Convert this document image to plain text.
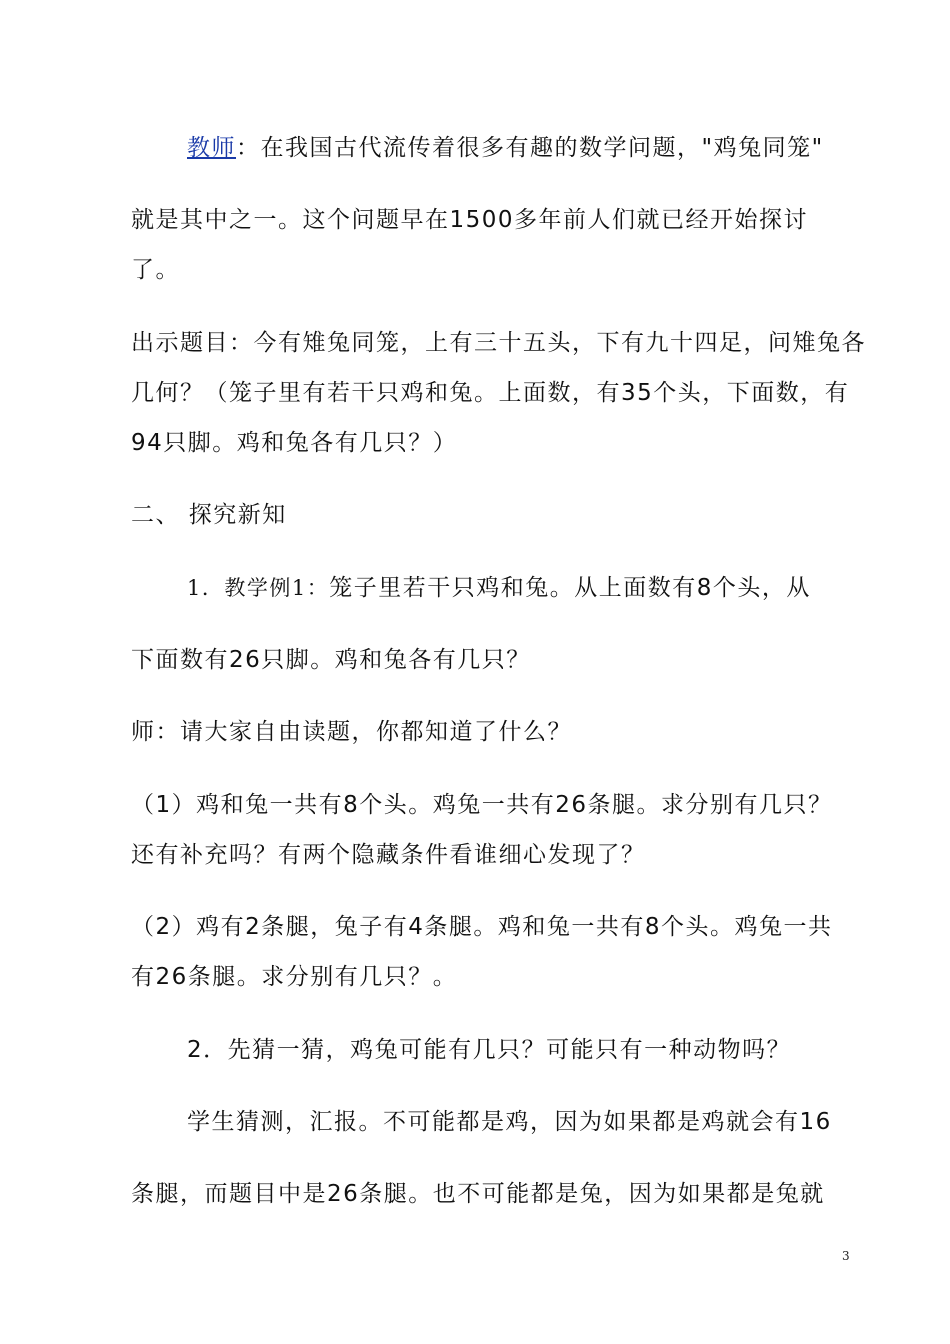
教师：在我国古代流传着很多有趣的数学问题，"鸡兔同笼"
就是其中之一。这个问题早在1500多年前人们就已经开始探讨
了。
出示题目：今有雉兔同笼，上有三十五头，下有九十四足，问雉兔各
几何？（笼子里有若干只鸡和兔。上面数，有35个头，下面数，有
94只脚。鸡和兔各有几只？）
二、 探究新知
1．教学例1：笼子里若干只鸡和兔。从上面数有8个头，从
下面数有26只脚。鸡和兔各有几只？
师：请大家自由读题，你都知道了什么？
（1）鸡和兔一共有8个头。鸡兔一共有26条腿。求分别有几只？
还有补充吗？有两个隐藏条件看谁细心发现了？
（2）鸡有2条腿，兔子有4条腿。鸡和兔一共有8个头。鸡兔一共
有26条腿。求分别有几只？。
2．先猜一猜，鸡兔可能有几只？可能只有一种动物吗？
学生猜测，汇报。不可能都是鸡，因为如果都是鸡就会有16
条腿，而题目中是26条腿。也不可能都是兔，因为如果都是兔就
3
